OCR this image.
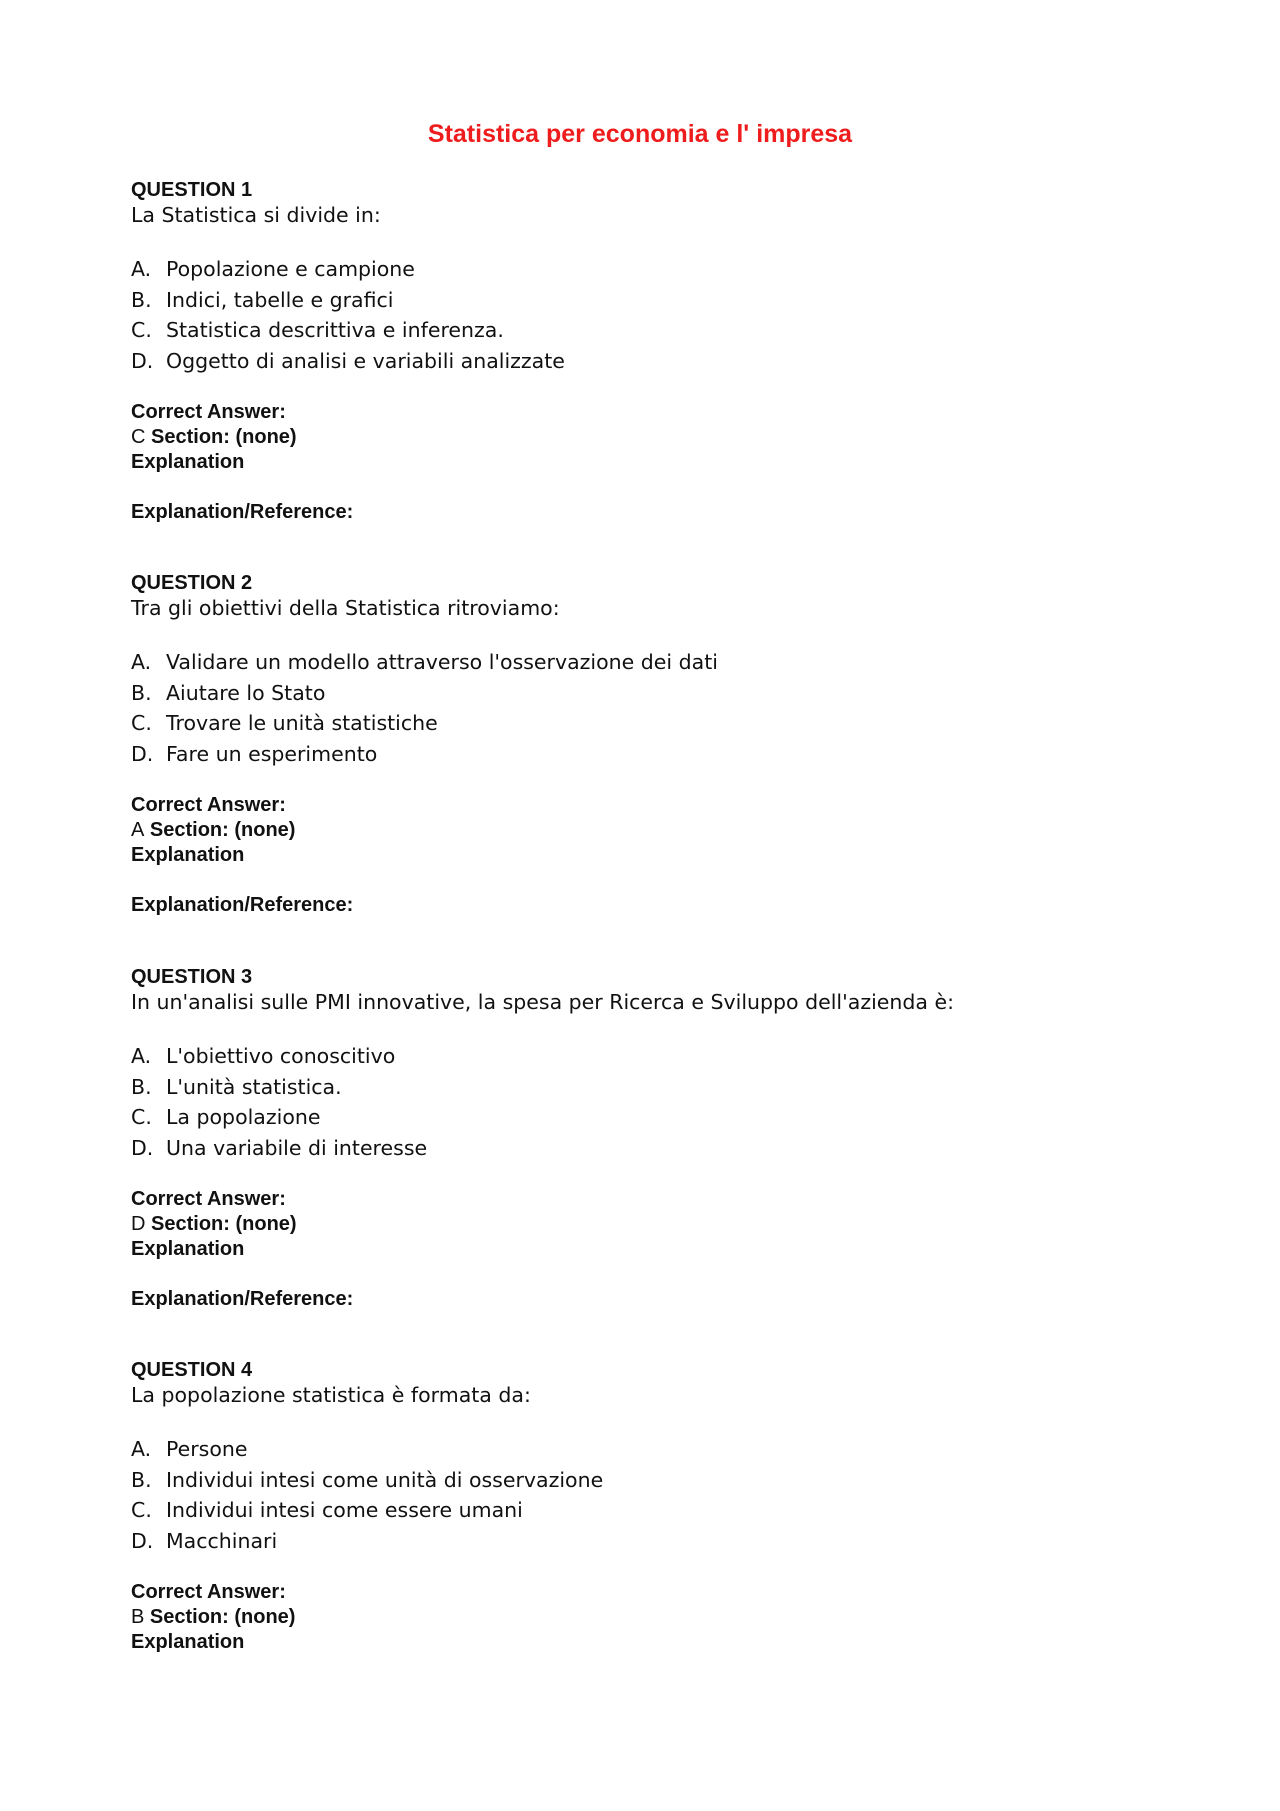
Statistica per economia e l' impresa
QUESTION 1
La Statistica si divide in:
A. Popolazione e campione
B. Indici, tabelle e grafici
C. Statistica descrittiva e inferenza.
D. Oggetto di analisi e variabili analizzate
Correct Answer:
C Section: (none)
Explanation
Explanation/Reference:
QUESTION 2
Tra gli obiettivi della Statistica ritroviamo:
A. Validare un modello attraverso l'osservazione dei dati
B. Aiutare lo Stato
C. Trovare le unità statistiche
D. Fare un esperimento
Correct Answer:
A Section: (none)
Explanation
Explanation/Reference:
QUESTION 3
In un'analisi sulle PMI innovative, la spesa per Ricerca e Sviluppo dell'azienda è:
A. L'obiettivo conoscitivo
B. L'unità statistica.
C. La popolazione
D. Una variabile di interesse
Correct Answer:
D Section: (none)
Explanation
Explanation/Reference:
QUESTION 4
La popolazione statistica è formata da:
A. Persone
B. Individui intesi come unità di osservazione
C. Individui intesi come essere umani
D. Macchinari
Correct Answer:
B Section: (none)
Explanation
